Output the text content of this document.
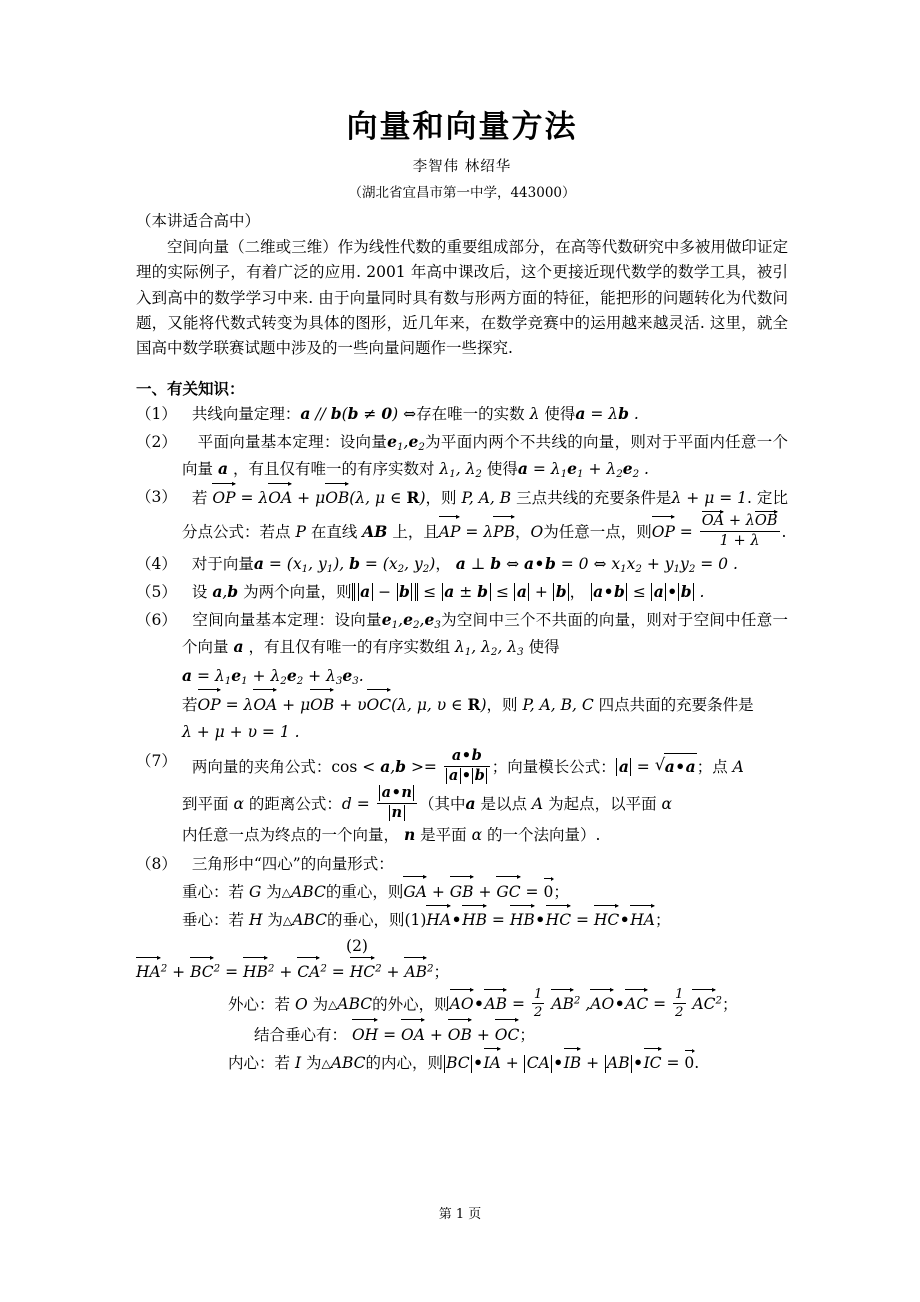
向量和向量方法
李智伟 林绍华
（湖北省宜昌市第一中学，443000）
（本讲适合高中）
空间向量（二维或三维）作为线性代数的重要组成部分，在高等代数研究中多被用做印证定理的实际例子，有着广泛的应用. 2001 年高中课改后，这个更接近现代数学的数学工具，被引入到高中的数学学习中来. 由于向量同时具有数与形两方面的特征，能把形的问题转化为代数问题，又能将代数式转变为具体的图形，近几年来，在数学竞赛中的运用越来越灵活. 这里，就全国高中数学联赛试题中涉及的一些向量问题作一些探究.
一、有关知识：
（1） 共线向量定理：a // b(b ≠ 0) ⇔存在唯一的实数 λ 使得a = λb .
（2）	平面向量基本定理：设向量$e_1,e_2$为平面内两个不共线的向量，则对于平面内任意一个向量 a ，有且仅有唯一的有序实数对 $\lambda_1$, $\lambda_2$ 使得$a = \lambda_1e_1 + \lambda_2e_2$ .
（3） 若 OP = λOA + μOB(λ, μ ∈ R)，则 P, A, B 三点共线的充要条件是λ + μ = 1. 定比分点公式：若点 P 在直线 AB 上，且AP = λPB，O为任意一点，则OP = $\frac{\text{OA + λOB}}{1 + \lambda}$ .
（4） 对于向量$a = (x_1$, $y_1$), $b = (x_2$, $y_2$)， a ⊥ b ⇔ a•b = 0 ⇔ $x_1x_2 + y_1y_2 = 0$ .
（5） 设 a,b 为两个向量，则 a − b ≤ a ± b ≤ a + b ， a•b ≤ a • b .
（6）	空间向量基本定理：设向量$e_1,e_2,e_3$为空间中三个不共面的向量，则对于空间中任意一个向量 a ，有且仅有唯一的有序实数组 $\lambda_1$, $\lambda_2$, $\lambda_3$ 使得
$a = \lambda_1e_1 + \lambda_2e_2 + \lambda_3e_3$.
若OP = λOA + μOB + υOC(λ, μ, υ ∈ R)，则 P, A, B, C 四点共面的充要条件是
λ + μ + υ = 1 .
（7） 两向量的夹角公式：$\cos < a,b >= \frac{a•b}{a • b}$ ；向量模长公式： a = √ a•a；点 A
到平面 α 的距离公式：$d = \frac{a•n}{n}$ （其中a 是以点 A 为起点，以平面 α
内任意一点为终点的一个向量， n 是平面 α 的一个法向量）.
（8） 三角形中“四心”的向量形式：
重心：若 G 为△ABC的重心，则GA + GB + GC = 0；
垂心：若 H 为△ABC的垂心，则(1)HA•HB = HB•HC = HC•HA；
(2)
$HA^2 + BC^2 = HB^2 + CA^2 = HC^2 + AB^2$；
外心：若 O 为△ABC的外心，则AO•AB = $\frac{1}{2} AB^2$ ,AO•AC = $\frac{1}{2} AC^2$；
结合垂心有： OH = OA + OB + OC；
内心：若 I 为△ABC的内心，则 BC •IA + CA •IB + AB •IC = 0.
第 1 页
